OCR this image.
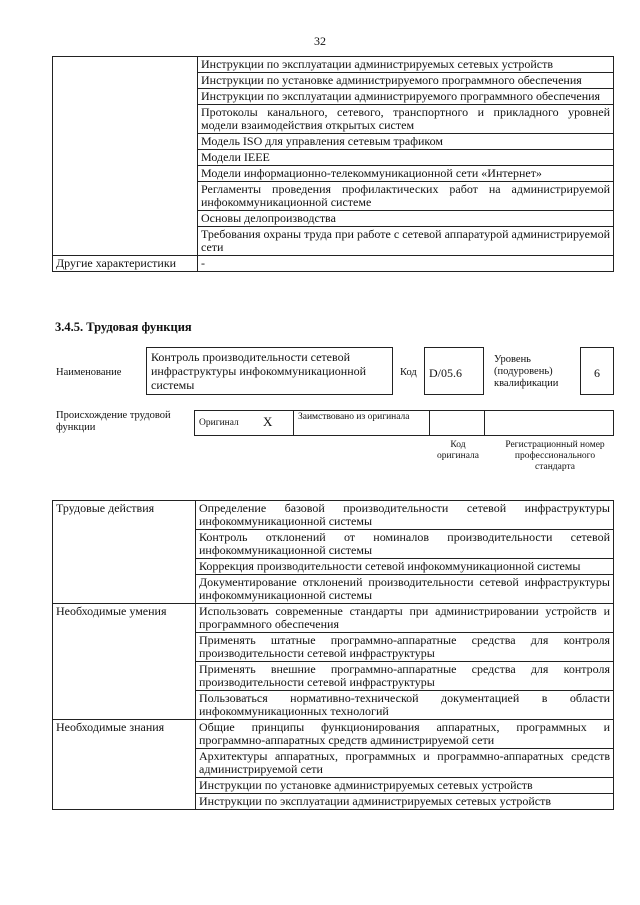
32
	Инструкции по эксплуатации администрируемых сетевых устройств
	Инструкции по установке администрируемого программного обеспечения
	Инструкции по эксплуатации администрируемого программного обеспечения
	Протоколы канального, сетевого, транспортного и прикладного уровней модели взаимодействия открытых систем
	Модель ISO для управления сетевым трафиком
	Модели IEEE
	Модели информационно-телекоммуникационной сети «Интернет»
	Регламенты проведения профилактических работ на администрируемой инфокоммуникационной системе
	Основы делопроизводства
	Требования охраны труда при работе с сетевой аппаратурой администрируемой сети
Другие характеристики	-
3.4.5. Трудовая функция
Наименование
Контроль производительности сетевой инфраструктуры инфокоммуникационной системы
Код	D/05.6
Уровень (подуровень) квалификации
6
Происхождение трудовой функции	Оригинал X	Заимствовано из оригинала
Код оригинала
Регистрационный номер профессионального стандарта
Трудовые действия	Определение базовой производительности сетевой инфраструктуры инфокоммуникационной системы
	Контроль отклонений от номиналов производительности сетевой инфокоммуникационной системы
	Коррекция производительности сетевой инфокоммуникационной системы
	Документирование отклонений производительности сетевой инфраструктуры инфокоммуникационной системы
Необходимые умения	Использовать современные стандарты при администрировании устройств и программного обеспечения
	Применять штатные программно-аппаратные средства для контроля производительности сетевой инфраструктуры
	Применять внешние программно-аппаратные средства для контроля производительности сетевой инфраструктуры
	Пользоваться нормативно-технической документацией в области инфокоммуникационных технологий
Необходимые знания	Общие принципы функционирования аппаратных, программных и программно-аппаратных средств администрируемой сети
	Архитектуры аппаратных, программных и программно-аппаратных средств администрируемой сети
	Инструкции по установке администрируемых сетевых устройств
	Инструкции по эксплуатации администрируемых сетевых устройств
